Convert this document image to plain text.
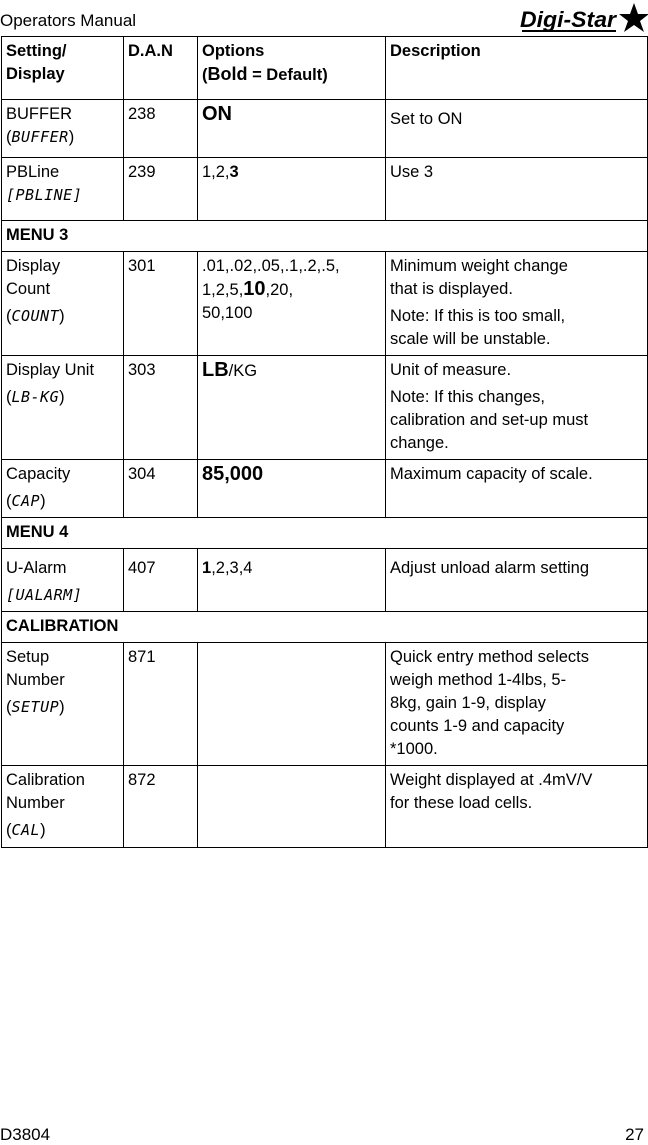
Operators Manual	Digi-Star
Setting/
Display	D.A.N	Options
(Bold = Default)	Description

BUFFER
(BUFFER)	238	ON	Set to ON

PBLine
[PBLINE]	239	1,2,3	Use 3
MENU 3			

Display
Count
(COUNT)	301	.01,.02,.05,.1,.2,.5,
1,2,5,10,20,
50,100	Minimum weight change
that is displayed.
Note: If this is too small,
scale will be unstable.

Display Unit
(LB-KG)	303	LB/KG	Unit of measure.
Note: If this changes,
calibration and set-up must
change.

Capacity
(CAP)	304	85,000	Maximum capacity of scale.
MENU 4			

U-Alarm
[UALARM]	407	1,2,3,4	Adjust unload alarm setting
CALIBRATION			

Setup
Number
(SETUP)	871		Quick entry method selects
weigh method 1-4lbs, 5-
8kg, gain 1-9, display
counts 1-9 and capacity
*1000.

Calibration
Number
(CAL)	872		Weight displayed at .4mV/V
for these load cells.
D3804	27
